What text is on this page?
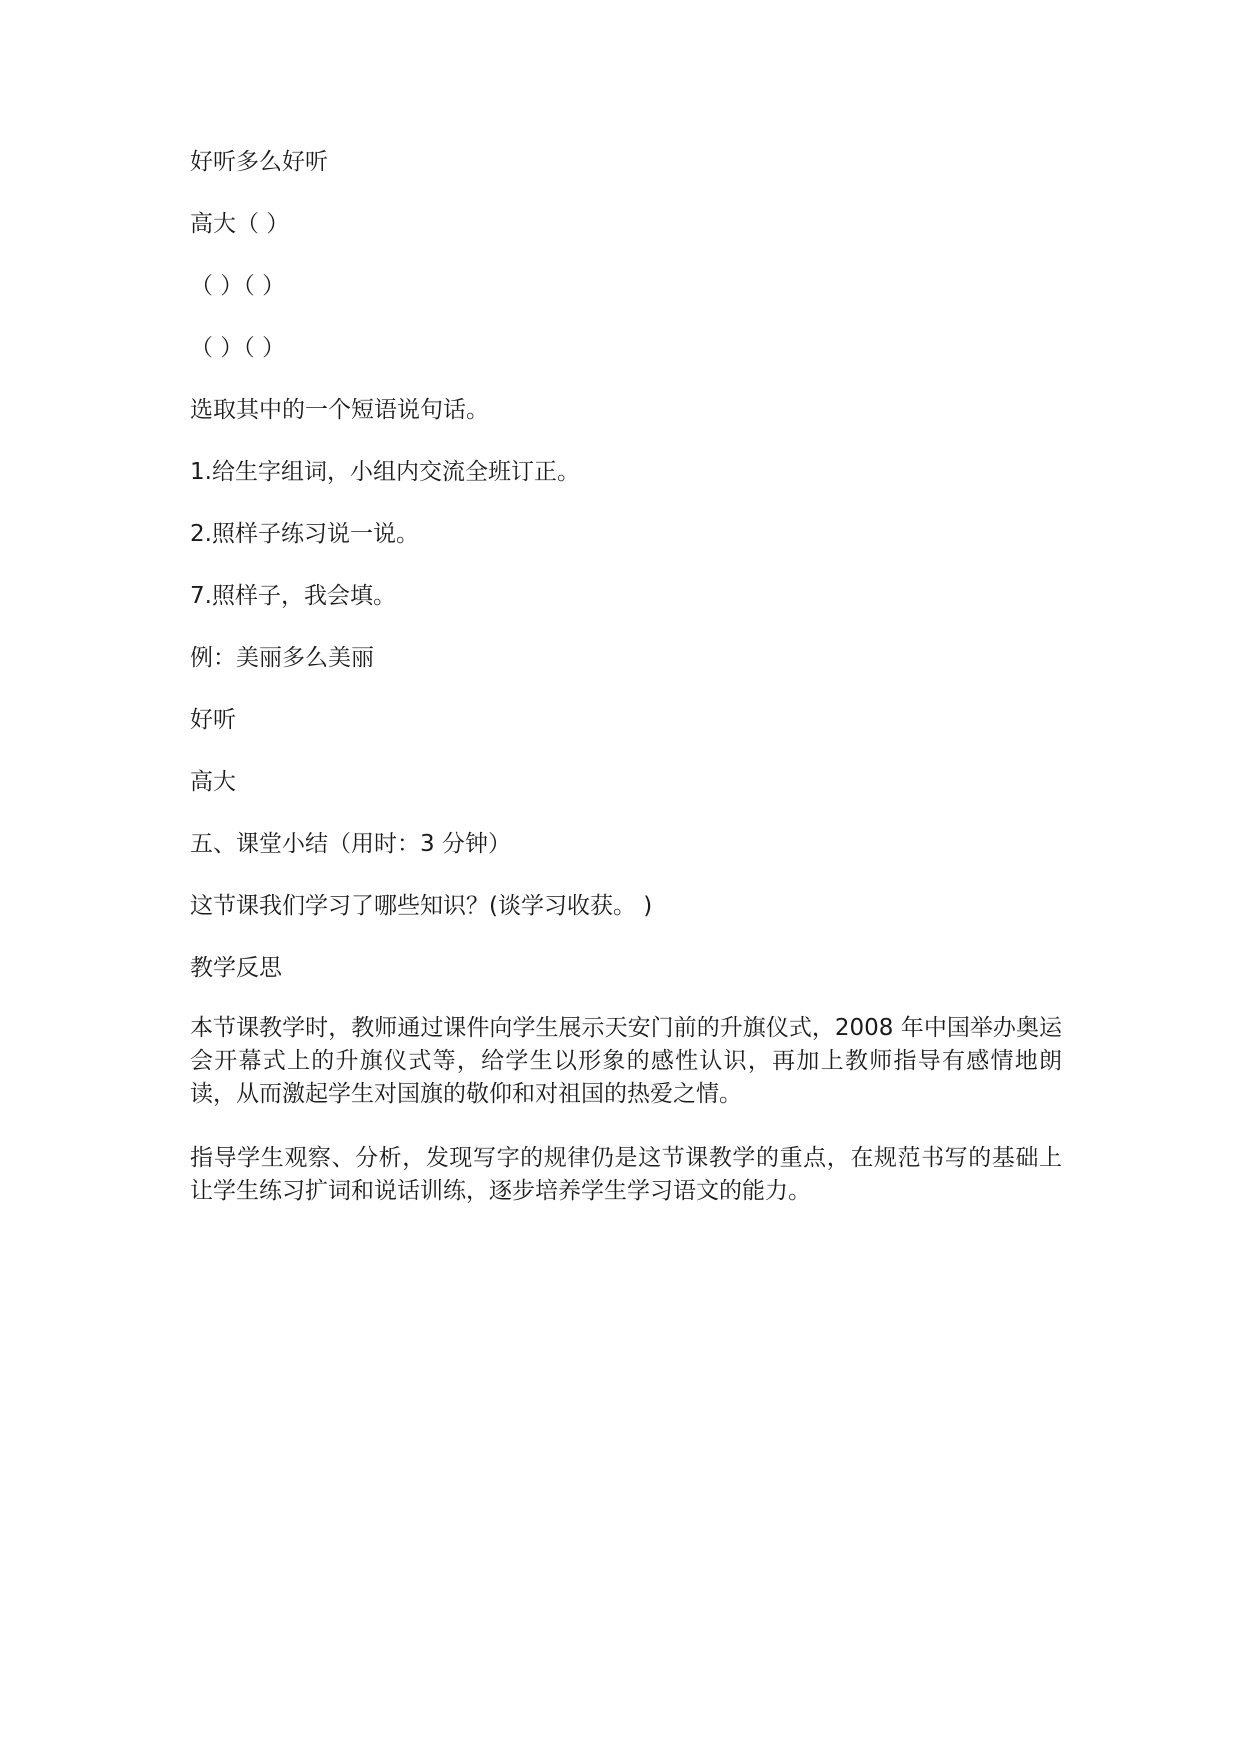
好听多么好听
高大（ ）
（ ）（ ）
（ ）（ ）
选取其中的一个短语说句话。
1.给生字组词，小组内交流全班订正。
2.照样子练习说一说。
7.照样子，我会填。
例：美丽多么美丽
好听
高大
五、课堂小结（用时：3 分钟）
这节课我们学习了哪些知识？(谈学习收获。 )
教学反思
本节课教学时，教师通过课件向学生展示天安门前的升旗仪式，2008 年中国举办奥运会开幕式上的升旗仪式等，给学生以形象的感性认识，再加上教师指导有感情地朗读，从而激起学生对国旗的敬仰和对祖国的热爱之情。
指导学生观察、分析，发现写字的规律仍是这节课教学的重点，在规范书写的基础上让学生练习扩词和说话训练，逐步培养学生学习语文的能力。
